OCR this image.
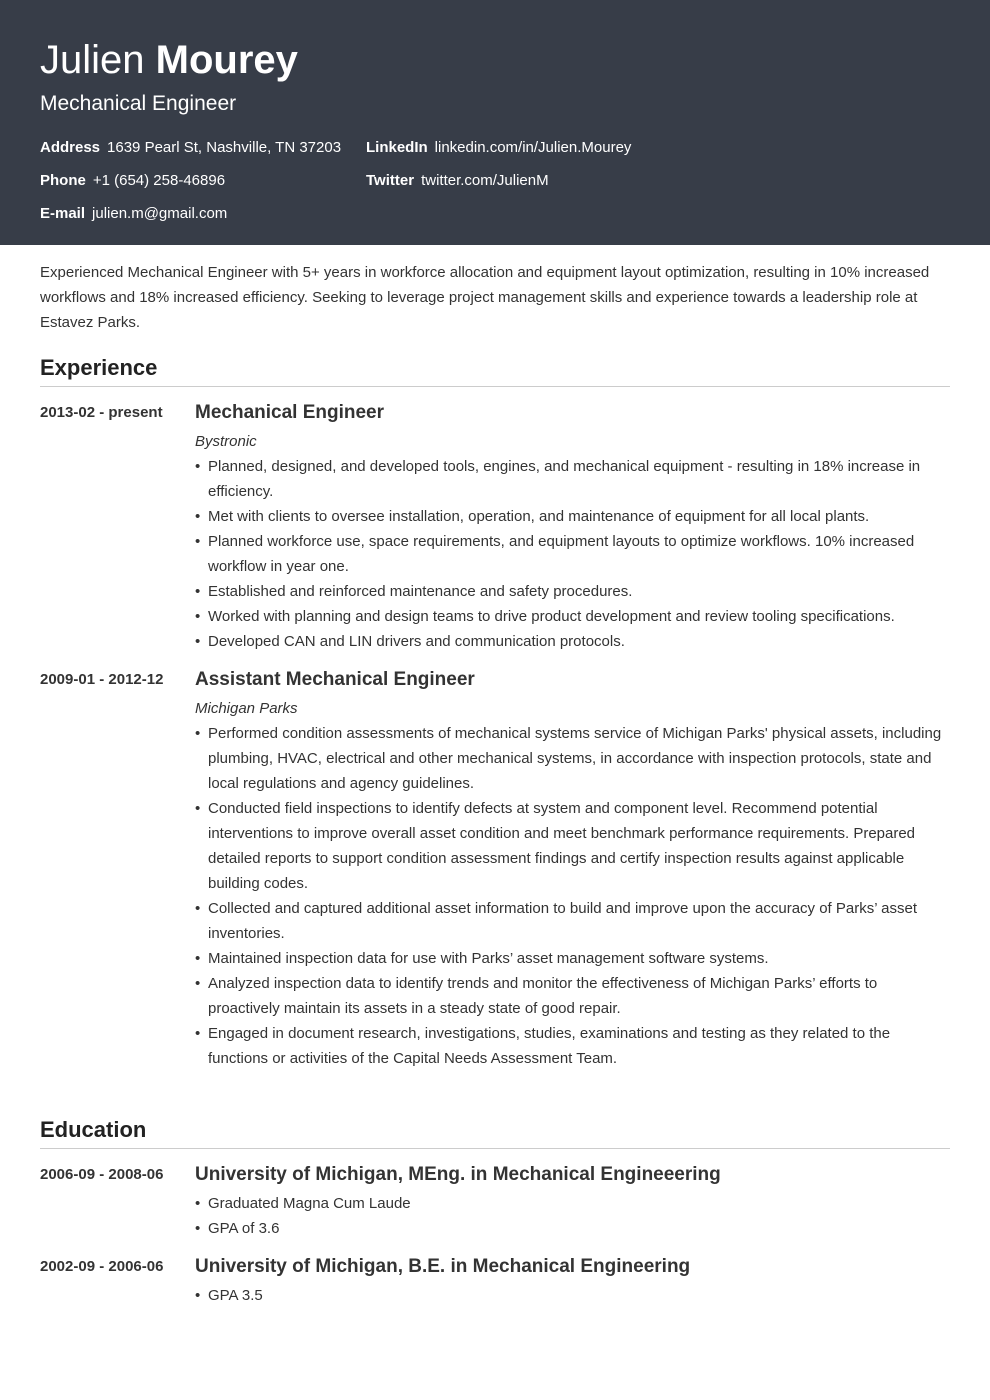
Julien Mourey
Mechanical Engineer
Address 1639 Pearl St, Nashville, TN 37203
Phone +1 (654) 258-46896
E-mail julien.m@gmail.com
LinkedIn linkedin.com/in/Julien.Mourey
Twitter twitter.com/JulienM
Experienced Mechanical Engineer with 5+ years in workforce allocation and equipment layout optimization, resulting in 10% increased workflows and 18% increased efficiency. Seeking to leverage project management skills and experience towards a leadership role at Estavez Parks.
Experience
2013-02 - present	Mechanical Engineer
Bystronic
• Planned, designed, and developed tools, engines, and mechanical equipment - resulting in 18% increase in efficiency.
• Met with clients to oversee installation, operation, and maintenance of equipment for all local plants.
• Planned workforce use, space requirements, and equipment layouts to optimize workflows. 10% increased workflow in year one.
• Established and reinforced maintenance and safety procedures.
• Worked with planning and design teams to drive product development and review tooling specifications.
• Developed CAN and LIN drivers and communication protocols.
2009-01 - 2012-12	Assistant Mechanical Engineer
Michigan Parks
• Performed condition assessments of mechanical systems service of Michigan Parks' physical assets, including plumbing, HVAC, electrical and other mechanical systems, in accordance with inspection protocols, state and local regulations and agency guidelines.
• Conducted field inspections to identify defects at system and component level. Recommend potential interventions to improve overall asset condition and meet benchmark performance requirements. Prepared detailed reports to support condition assessment findings and certify inspection results against applicable building codes.
• Collected and captured additional asset information to build and improve upon the accuracy of Parks’ asset inventories.
• Maintained inspection data for use with Parks’ asset management software systems.
• Analyzed inspection data to identify trends and monitor the effectiveness of Michigan Parks’ efforts to proactively maintain its assets in a steady state of good repair.
• Engaged in document research, investigations, studies, examinations and testing as they related to the functions or activities of the Capital Needs Assessment Team.
Education
2006-09 - 2008-06	University of Michigan, MEng. in Mechanical Engineeering
• Graduated Magna Cum Laude
• GPA of 3.6
2002-09 - 2006-06	University of Michigan, B.E. in Mechanical Engineering
• GPA 3.5
